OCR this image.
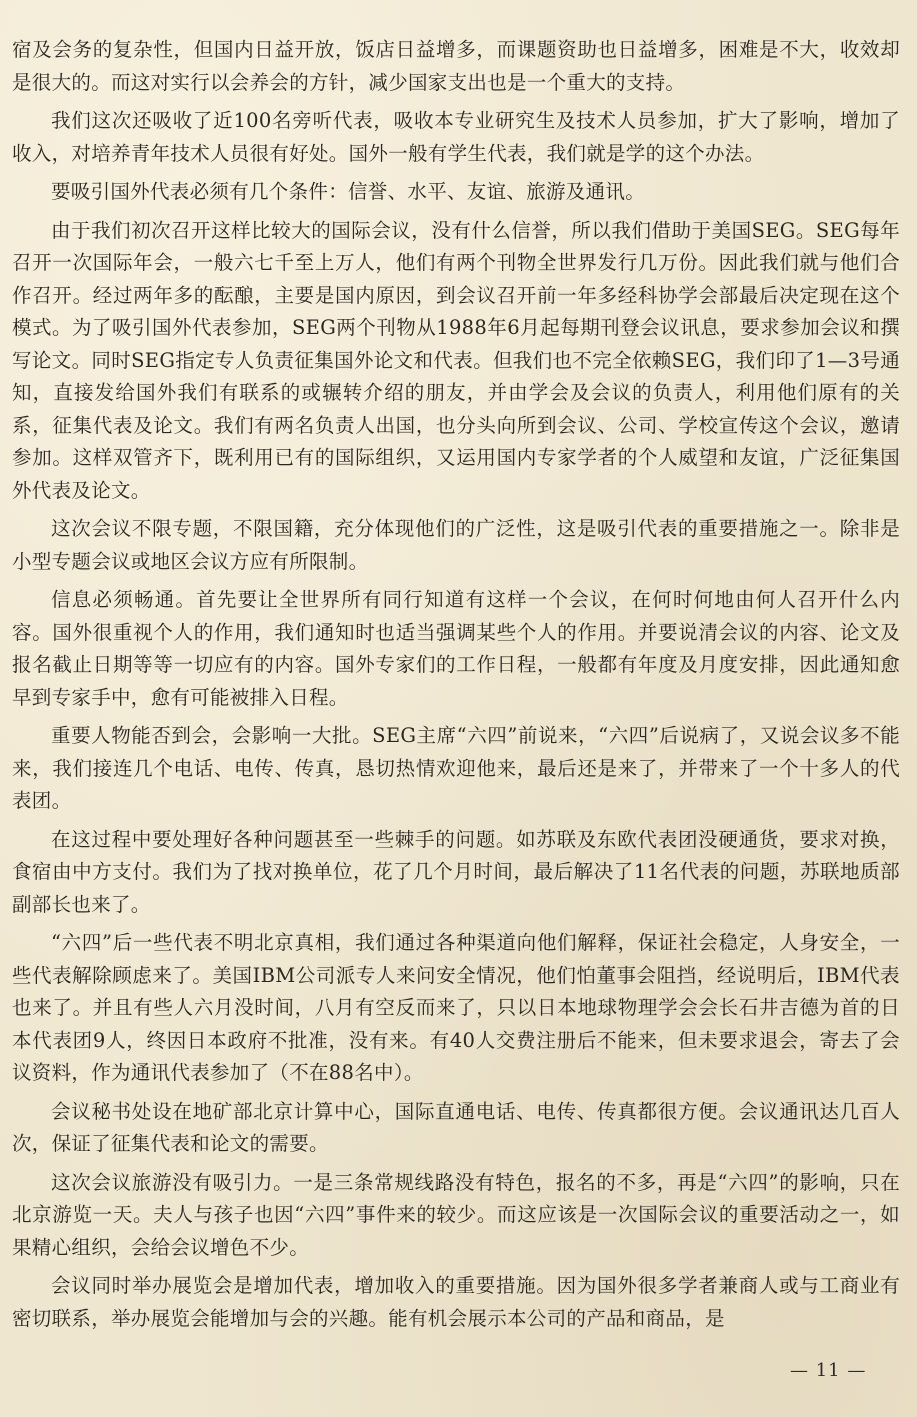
宿及会务的复杂性，但国内日益开放，饭店日益增多，而课题资助也日益增多，困难是不大，收效却是很大的。而这对实行以会养会的方针，减少国家支出也是一个重大的支持。

我们这次还吸收了近100名旁听代表，吸收本专业研究生及技术人员参加，扩大了影响，增加了收入，对培养青年技术人员很有好处。国外一般有学生代表，我们就是学的这个办法。

要吸引国外代表必须有几个条件：信誉、水平、友谊、旅游及通讯。

由于我们初次召开这样比较大的国际会议，没有什么信誉，所以我们借助于美国SEG。SEG每年召开一次国际年会，一般六七千至上万人，他们有两个刊物全世界发行几万份。因此我们就与他们合作召开。经过两年多的酝酿，主要是国内原因，到会议召开前一年多经科协学会部最后决定现在这个模式。为了吸引国外代表参加，SEG两个刊物从1988年6月起每期刊登会议讯息，要求参加会议和撰写论文。同时SEG指定专人负责征集国外论文和代表。但我们也不完全依赖SEG，我们印了1—3号通知，直接发给国外我们有联系的或辗转介绍的朋友，并由学会及会议的负责人，利用他们原有的关系，征集代表及论文。我们有两名负责人出国，也分头向所到会议、公司、学校宣传这个会议，邀请参加。这样双管齐下，既利用已有的国际组织，又运用国内专家学者的个人威望和友谊，广泛征集国外代表及论文。

这次会议不限专题，不限国籍，充分体现他们的广泛性，这是吸引代表的重要措施之一。除非是小型专题会议或地区会议方应有所限制。

信息必须畅通。首先要让全世界所有同行知道有这样一个会议，在何时何地由何人召开什么内容。国外很重视个人的作用，我们通知时也适当强调某些个人的作用。并要说清会议的内容、论文及报名截止日期等等一切应有的内容。国外专家们的工作日程，一般都有年度及月度安排，因此通知愈早到专家手中，愈有可能被排入日程。

重要人物能否到会，会影响一大批。SEG主席“六四”前说来，“六四”后说病了，又说会议多不能来，我们接连几个电话、电传、传真，恳切热情欢迎他来，最后还是来了，并带来了一个十多人的代表团。

在这过程中要处理好各种问题甚至一些棘手的问题。如苏联及东欧代表团没硬通货，要求对换，食宿由中方支付。我们为了找对换单位，花了几个月时间，最后解决了11名代表的问题，苏联地质部副部长也来了。

“六四”后一些代表不明北京真相，我们通过各种渠道向他们解释，保证社会稳定，人身安全，一些代表解除顾虑来了。美国IBM公司派专人来问安全情况，他们怕董事会阻挡，经说明后，IBM代表也来了。并且有些人六月没时间，八月有空反而来了，只以日本地球物理学会会长石井吉德为首的日本代表团9人，终因日本政府不批准，没有来。有40人交费注册后不能来，但未要求退会，寄去了会议资料，作为通讯代表参加了（不在88名中）。

会议秘书处设在地矿部北京计算中心，国际直通电话、电传、传真都很方便。会议通讯达几百人次，保证了征集代表和论文的需要。

这次会议旅游没有吸引力。一是三条常规线路没有特色，报名的不多，再是“六四”的影响，只在北京游览一天。夫人与孩子也因“六四”事件来的较少。而这应该是一次国际会议的重要活动之一，如果精心组织，会给会议增色不少。

会议同时举办展览会是增加代表，增加收入的重要措施。因为国外很多学者兼商人或与工商业有密切联系，举办展览会能增加与会的兴趣。能有机会展示本公司的产品和商品，是

— 11 —
